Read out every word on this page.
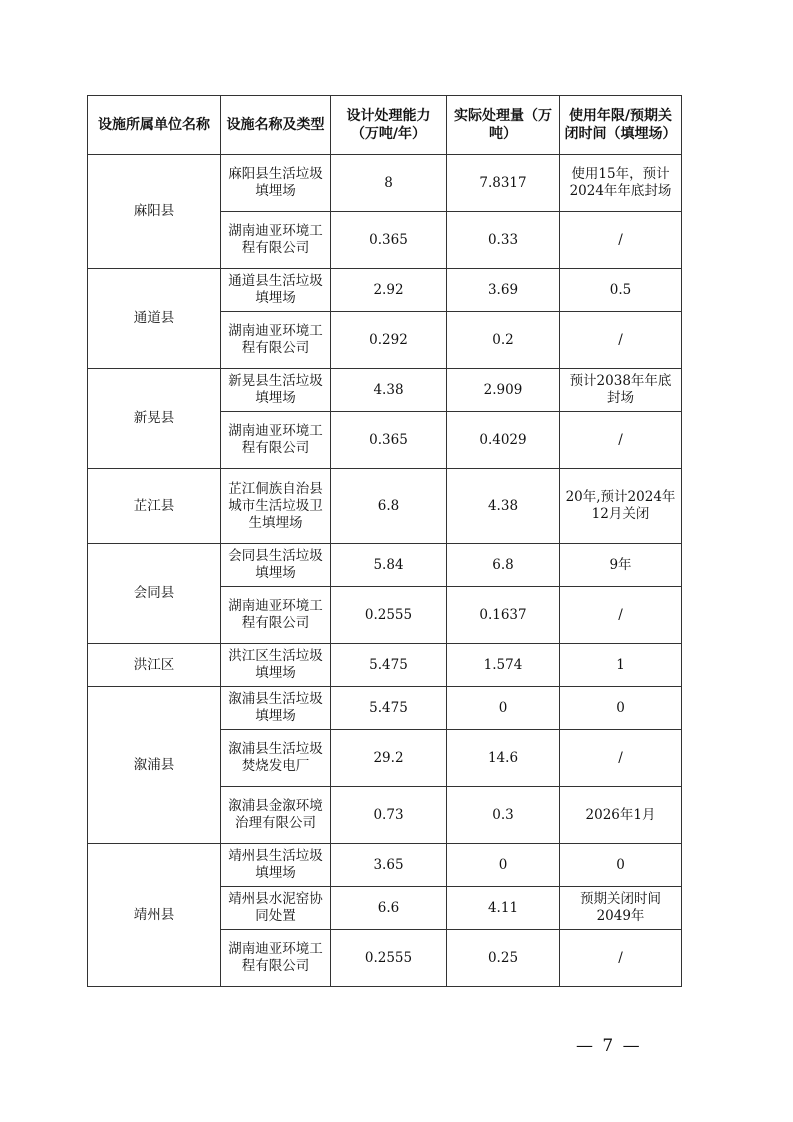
设施所属单位名称	设施名称及类型	设计处理能力（万吨/年）	实际处理量（万吨）	使用年限/预期关闭时间（填埋场）
麻阳县	麻阳县生活垃圾填埋场	8	7.8317	使用15年，预计2024年年底封场
	湖南迪亚环境工程有限公司	0.365	0.33	/
通道县	通道县生活垃圾填埋场	2.92	3.69	0.5
	湖南迪亚环境工程有限公司	0.292	0.2	/
新晃县	新晃县生活垃圾填埋场	4.38	2.909	预计2038年年底封场
	湖南迪亚环境工程有限公司	0.365	0.4029	/
芷江县	芷江侗族自治县城市生活垃圾卫生填埋场	6.8	4.38	20年,预计2024年12月关闭
会同县	会同县生活垃圾填埋场	5.84	6.8	9年
	湖南迪亚环境工程有限公司	0.2555	0.1637	/
洪江区	洪江区生活垃圾填埋场	5.475	1.574	1
溆浦县	溆浦县生活垃圾填埋场	5.475	0	0
	溆浦县生活垃圾焚烧发电厂	29.2	14.6	/
	溆浦县金溆环境治理有限公司	0.73	0.3	2026年1月
靖州县	靖州县生活垃圾填埋场	3.65	0	0
	靖州县水泥窑协同处置	6.6	4.11	预期关闭时间2049年
	湖南迪亚环境工程有限公司	0.2555	0.25	/
— 7 —
